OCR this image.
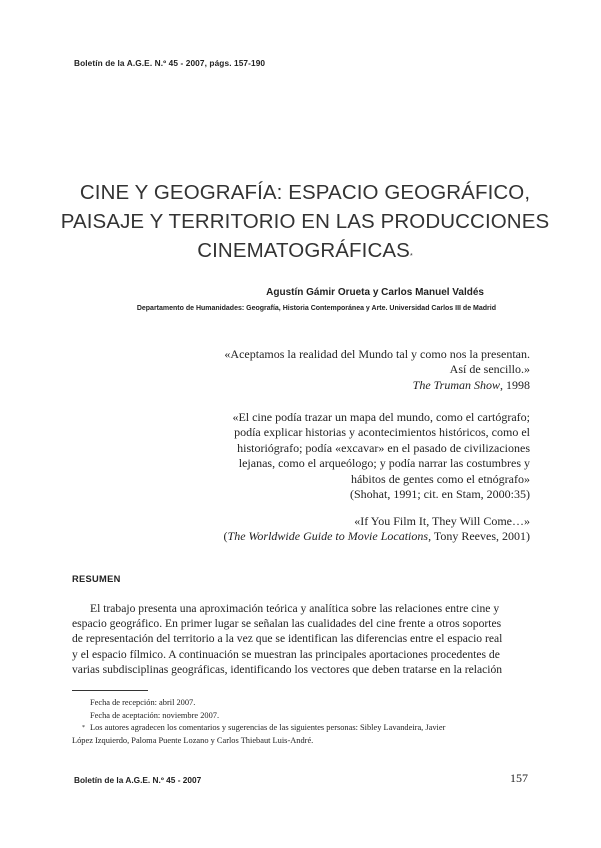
Boletín de la A.G.E. N.º 45 - 2007, págs. 157-190
CINE Y GEOGRAFÍA: ESPACIO GEOGRÁFICO,
PAISAJE Y TERRITORIO EN LAS PRODUCCIONES
CINEMATOGRÁFICAS*
Agustín Gámir Orueta y Carlos Manuel Valdés
Departamento de Humanidades: Geografía, Historia Contemporánea y Arte. Universidad Carlos III de Madrid
«Aceptamos la realidad del Mundo tal y como nos la presentan.
Así de sencillo.»
The Truman Show, 1998
«El cine podía trazar un mapa del mundo, como el cartógrafo;
podía explicar historias y acontecimientos históricos, como el
historiógrafo; podía «excavar» en el pasado de civilizaciones
lejanas, como el arqueólogo; y podía narrar las costumbres y
hábitos de gentes como el etnógrafo»
(Shohat, 1991; cit. en Stam, 2000:35)
«If You Film It, They Will Come…»
(The Worldwide Guide to Movie Locations, Tony Reeves, 2001)
RESUMEN
El trabajo presenta una aproximación teórica y analítica sobre las relaciones entre cine y
espacio geográfico. En primer lugar se señalan las cualidades del cine frente a otros soportes
de representación del territorio a la vez que se identifican las diferencias entre el espacio real
y el espacio fílmico. A continuación se muestran las principales aportaciones procedentes de
varias subdisciplinas geográficas, identificando los vectores que deben tratarse en la relación
Fecha de recepción: abril 2007.
Fecha de aceptación: noviembre 2007.
* Los autores agradecen los comentarios y sugerencias de las siguientes personas: Sibley Lavandeira, Javier
López Izquierdo, Paloma Puente Lozano y Carlos Thiebaut Luis-André.
Boletín de la A.G.E. N.º 45 - 2007	157
